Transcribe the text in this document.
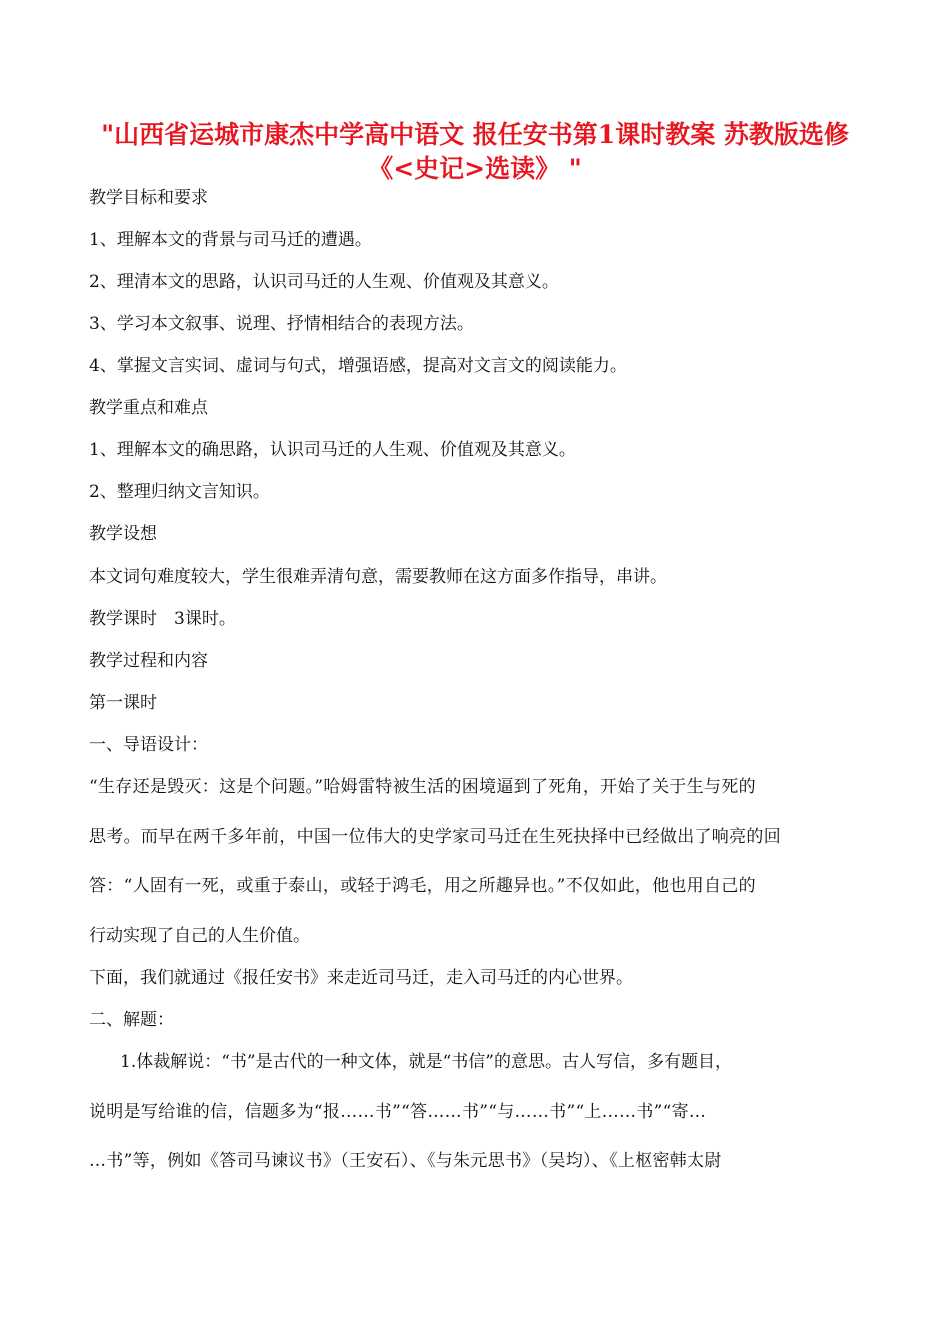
"山西省运城市康杰中学高中语文 报任安书第1课时教案 苏教版选修
《<史记>选读》 "

教学目标和要求

1、理解本文的背景与司马迁的遭遇。

2、理清本文的思路，认识司马迁的人生观、价值观及其意义。

3、学习本文叙事、说理、抒情相结合的表现方法。

4、掌握文言实词、虚词与句式，增强语感，提高对文言文的阅读能力。

教学重点和难点

1、理解本文的确思路，认识司马迁的人生观、价值观及其意义。

2、整理归纳文言知识。

教学设想

本文词句难度较大，学生很难弄清句意，需要教师在这方面多作指导，串讲。

教学课时　3课时。

教学过程和内容

第一课时

一、导语设计：

“生存还是毁灭：这是个问题。”哈姆雷特被生活的困境逼到了死角，开始了关于生与死的

思考。而早在两千多年前，中国一位伟大的史学家司马迁在生死抉择中已经做出了响亮的回

答：“人固有一死，或重于泰山，或轻于鸿毛，用之所趣异也。”不仅如此，他也用自己的

行动实现了自己的人生价值。

下面，我们就通过《报任安书》来走近司马迁，走入司马迁的内心世界。

二、解题：

1.体裁解说：“书”是古代的一种文体，就是“书信”的意思。古人写信，多有题目，

说明是写给谁的信，信题多为“报……书”“答……书”“与……书”“上……书”“寄…

…书”等，例如《答司马谏议书》（王安石）、《与朱元思书》（吴均）、《上枢密韩太尉
